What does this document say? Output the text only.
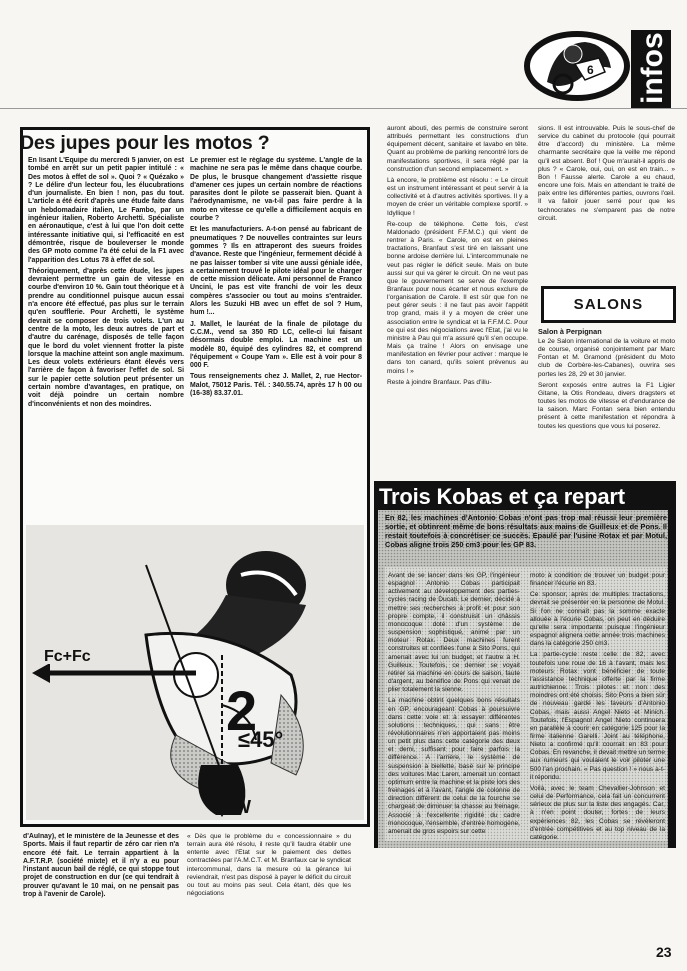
6 infos
Des jupes pour les motos ?

En lisant L'Equipe du mercredi 5 janvier, on est tombé en arrêt sur un petit papier intitulé : « Des motos à effet de sol ». Quoi ? « Quézako » ? Le délire d'un lecteur fou, les élucubrations d'un journaliste. En bien ! non, pas du tout. L'article a été écrit d'après une étude faite dans un hebdomadaire italien, Le Fambo, par un ingénieur italien, Roberto Archetti. Spécialiste en aéronautique, c'est à lui que l'on doit cette intéressante initiative qui, si l'efficacité en est démontrée, risque de bouleverser le monde des GP moto comme l'a été celui de la F1 avec l'apparition des Lotus 78 à effet de sol.

Théoriquement, d'après cette étude, les jupes devraient permettre un gain de vitesse en courbe d'environ 10 %. Gain tout théorique et à prendre au conditionnel puisque aucun essai n'a encore été effectué, pas plus sur le terrain qu'en soufflerie. Pour Archetti, le système devrait se composer de trois volets. L'un au centre de la moto, les deux autres de part et d'autre du carénage, disposés de telle façon que le bord du volet viennent frotter la piste lorsque la machine atteint son angle maximum. Les deux volets extérieurs étant élevés vers l'arrière de façon à favoriser l'effet de sol. Si sur le papier cette solution peut présenter un certain nombre d'avantages, en pratique, on voit déjà poindre un certain nombre d'inconvénients et non des moindres.

Le premier est le réglage du système. L'angle de la machine ne sera pas le même dans chaque courbe. De plus, le brusque changement d'assiette risque d'amener ces jupes un certain nombre de réactions parasites dont le pilote se passerait bien. Quant à l'aérodynamisme, ne va-t-il pas faire perdre à la moto en vitesse ce qu'elle a difficilement acquis en courbe ?

Et les manufacturiers. A-t-on pensé au fabricant de pneumatiques ? De nouvelles contraintes sur leurs gommes ? Ils en attraperont des sueurs froides d'avance. Reste que l'ingénieur, fermement décidé à ne pas laisser tomber si vite une aussi géniale idée, a certainement trouvé le pilote idéal pour le charger de cette mission délicate. Ami personnel de Franco Uncini, le pas est vite franchi de voir les deux compères s'associer ou tout au moins s'entraider. Alors les Suzuki HB avec un effet de sol ? Hum, hum !...

J. Mallet, le lauréat de la finale de pilotage du C.C.M., vend sa 350 RD LC, celle-ci lui faisant désormais double emploi. La machine est un modèle 80, équipé des cylindres 82, et comprend l'équipement « Coupe Yam ». Elle est à voir pour 8 000 F.

Tous renseignements chez J. Mallet, 2, rue Hector-Malot, 75012 Paris. Tél. : 340.55.74, après 17 h 00 ou (16-38) 83.37.01.

2
Fc+Fc
W
≤45°

auront abouti, des permis de construire seront attribués permettant les constructions d'un équipement décent, sanitaire et lavabo en tête. Quant au problème de parking rencontré lors de manifestations sportives, il sera réglé par la construction d'un second emplacement. »

Là encore, le problème est résolu : « Le circuit est un instrument intéressant et peut servir à la collectivité et à d'autres activités sportives. Il y a moyen de créer un véritable complexe sportif. » Idyllique !

Re-coup de téléphone. Cette fois, c'est Maldonado (président F.F.M.C.) qui vient de rentrer à Paris. « Carole, on est en pleines tractations, Branfaut s'est tiré en laissant une bonne ardoise derrière lui. L'intercommunale ne veut pas régler le déficit seule. Mais on bute aussi sur qui va gérer le circuit. On ne veut pas que le gouvernement se serve de l'exemple Branfaux pour nous écarter et nous exclure de l'organisation de Carole. Il est sûr que l'on ne peut gérer seuls : il ne faut pas avoir l'appétit trop grand, mais il y a moyen de créer une association entre le syndicat et la F.F.M.C. Pour ce qui est des négociations avec l'Etat, j'ai vu le ministre à Pau qui m'a assuré qu'il s'en occupe. Mais ça traîne ! Alors on envisage une manifestation en février pour activer : marque le dans ton canard, qu'ils soient prévenus au moins ! »

Reste à joindre Branfaux. Pas d'illu-

sions. Il est introuvable. Puis le sous-chef de service du cabinet du protocole (qui pourrait être d'accord) du ministère. La même charmante secrétaire que la veille me répond qu'il est absent. Bof ! Que m'aurait-il appris de plus ? « Carole, oui, oui, on est en train... » Bon ! Fausse alerte. Carole a eu chaud, encore une fois. Mais en attendant le traité de paix entre les différentes parties, ouvrons l'œil. Il va falloir jouer serré pour que les technocrates ne s'emparent pas de notre circuit.

SALONS
Salon à Perpignan

Le 2e Salon international de la voiture et moto de course, organisé conjointement par Marc Fontan et M. Gramond (président du Moto club de Corbère-les-Cabanes), ouvrira ses portes les 28, 29 et 30 janvier.

Seront exposés entre autres la F1 Ligier Gitane, la Otis Rondeau, divers dragsters et toutes les motos de vitesse et d'endurance de la saison. Marc Fontan sera bien entendu présent à cette manifestation et répondra à toutes les questions que vous lui poserez.

Trois Kobas et ça repart

En 82, les machines d'Antonio Cobas n'ont pas trop mal réussi leur première sortie, et obtinrent même de bons résultats aux mains de Guilleux et de Pons. Il restait toutefois à concrétiser ce succès. Epaulé par l'usine Rotax et par Motul, Cobas aligne trois 250 cm3 pour les GP 83.

Avant de se lancer dans les GP, l'ingénieur espagnol Antonio Cobas participait activement au développement des parties-cycles racing de Ducati. Le dernier, décidé à mettre ses recherches à profit et pour son propre compte, il construisit un châssis monocoque doté d'un système de suspension sophistiqué, animé par un moteur Rotax. Deux machines furent construites et confiées l'une à Sito Pons, qui amenait avec lui un budget, et l'autre à H. Guilleux. Toutefois, ce dernier se voyait retirer sa machine en cours de saison, faute d'argent, au bénéfice de Pons qui venait de plier totalement la sienne.

La machine obtint quelques bons résultats en GP, encourageant Cobas à poursuivre dans cette voie et à essayer différentes solutions techniques, qui sans être révolutionnaires n'en apportaient pas moins un petit plus dans cette catégorie des deux et demi, suffisant pour faire parfois la différence. A l'arrière, le système de suspension à biellette, basé sur le principe des voitures Mac Laren, amenait un contact optimum entre la machine et la piste lors des freinages et à l'avant, l'angle de colonne de direction différent de celui de la fourche se chargeait de diminuer la chasse au freinage. Associé à l'excellente rigidité du cadre monocoque, l'ensemble, d'entrée homogène, amenait de gros espoirs sur cette

moto à condition de trouver un budget pour financer l'écurie en 83.

Ce sponsor, après de multiples tractations, devrait se présenter en la personne de Motul. Si l'on ne connaît pas la somme exacte allouée à l'écurie Cobas, on peut en déduire qu'elle sera importante puisque l'ingénieur espagnol alignera cette année trois machines dans la catégorie 250 cm3.

La partie-cycle reste celle de 82, avec toutefois une roue de 16 à l'avant, mais les moteurs Rotax vont bénéficier de toute l'assistance technique offerte par la firme autrichienne. Trois pilotes et non des moindres ont été choisis. Sito Pons a bien sûr de nouveau gardé les faveurs d'Antonio Cobas, mais aussi Angel Nieto et Minich. Toutefois, l'Espagnol Angel Nieto continuera en parallèle à courir en catégorie 125 pour la firme italienne Garelli. Joint au téléphone, Nieto a confirmé qu'il courrait en 83 pour Cobas. En revanche, il devait mettre un terme aux rumeurs qui voulaient le voir piloter une 500 l'an prochain. « Pas question ! » nous a-t-il répondu.

Voilà, avec le team Chevallier-Johnson et celui de Performance, cela fait un concurrent sérieux de plus sur la liste des engagés. Car, à n'en point douter, fortes de leurs expériences 82, les Cobas se révèleront d'entrée compétitives et au top niveau de la catégorie.

d'Aulnay), et le ministère de la Jeunesse et des Sports. Mais il faut repartir de zéro car rien n'a encore été fait. Le terrain appartient à la A.F.T.R.P. (société mixte) et il n'y a eu pour l'instant aucun bail de réglé, ce qui stoppe tout projet de construction en dur (ce qui tendrait à prouver qu'avant le 10 mai, on ne pensait pas trop à l'avenir de Carole).

« Dès que le problème du « concessionnaire » du terrain aura été résolu, il reste qu'il faudra établir une entente avec l'Etat sur le paiement des dettes contractées par l'A.M.C.T. et M. Branfaux car le syndicat intercommunal, dans la mesure où la gérance lui reviendrait, n'est pas disposé à payer le déficit du circuit ou tout au moins pas seul. Cela étant, dès que les négociations

23
